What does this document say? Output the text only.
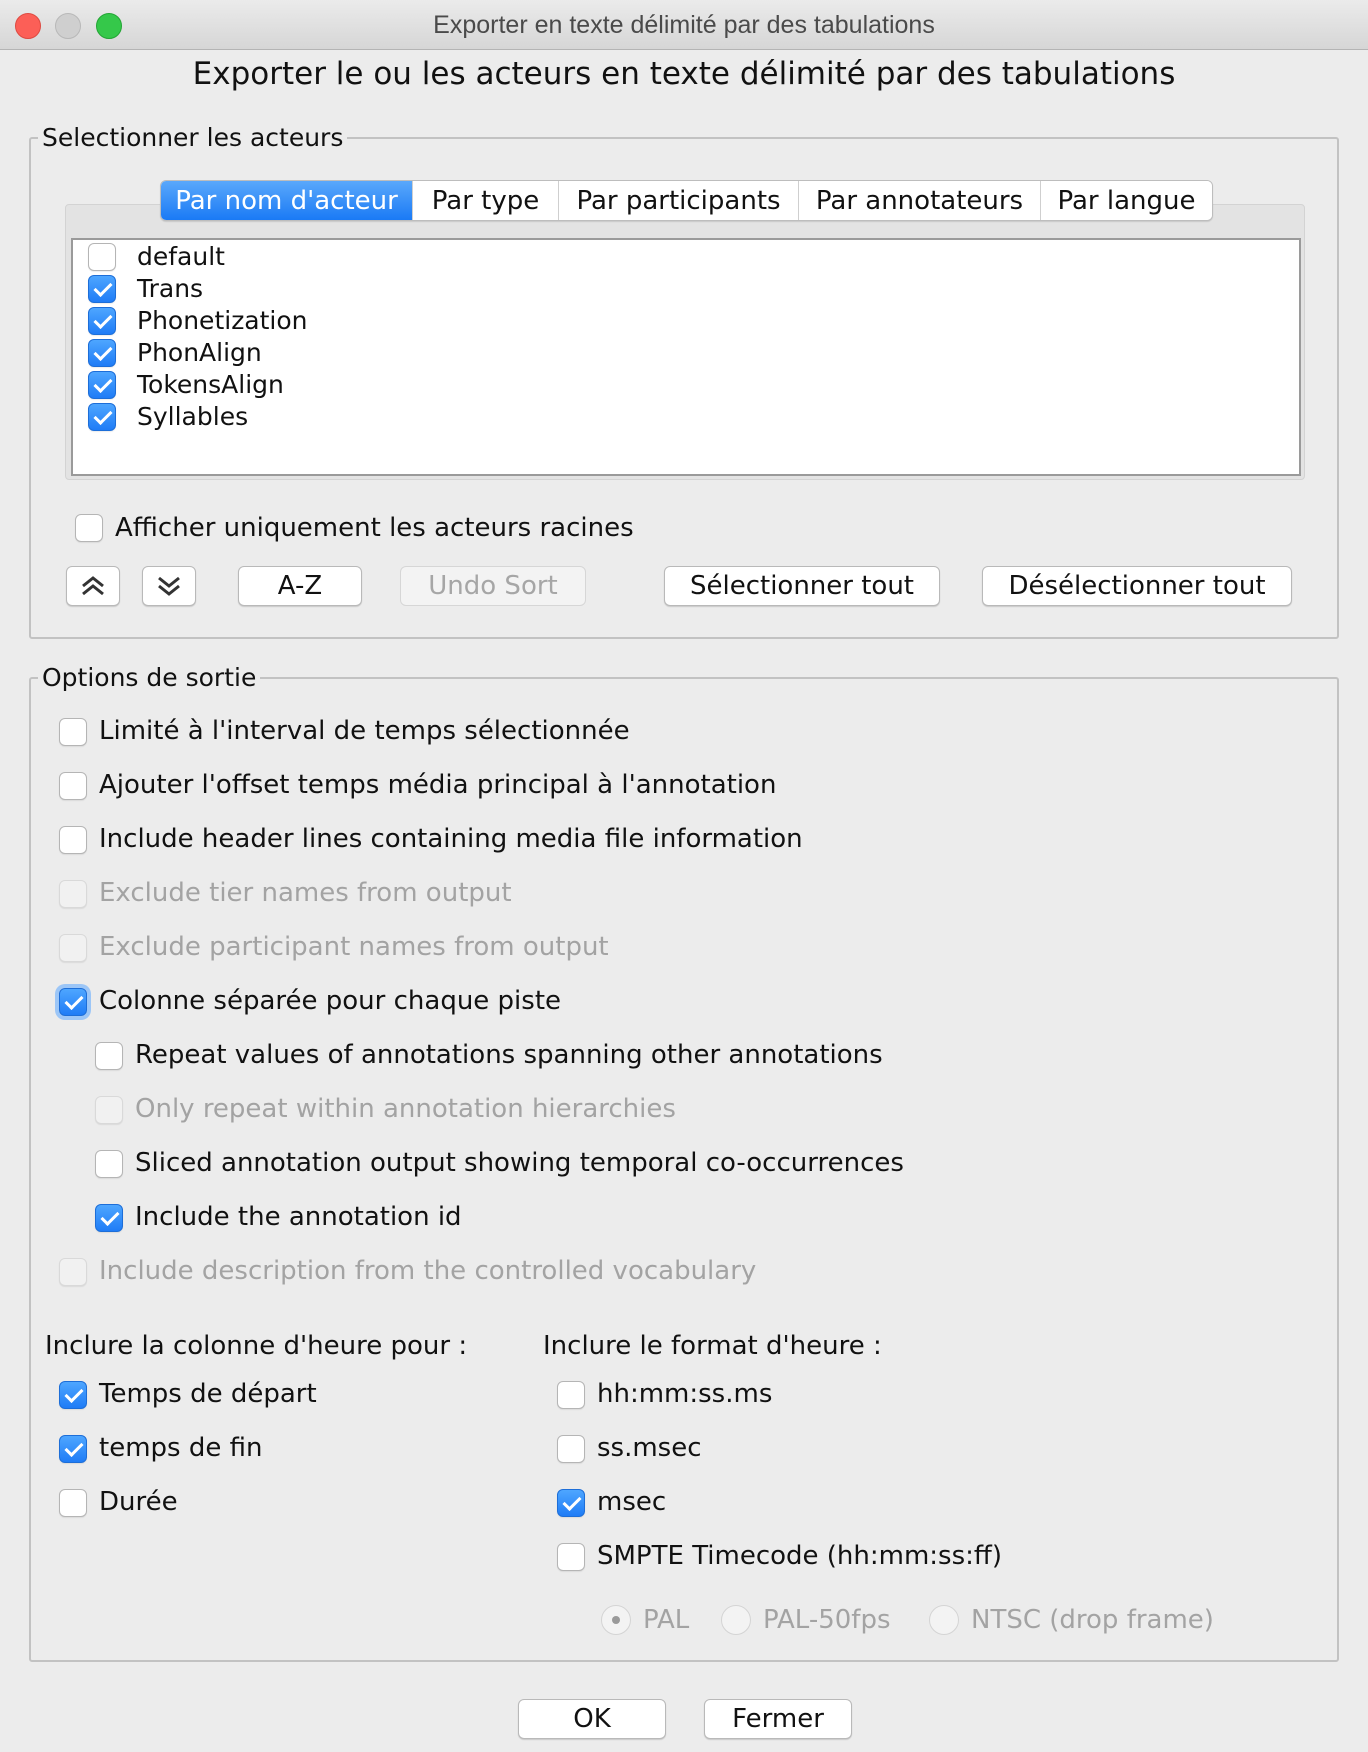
Exporter en texte délimité par des tabulations
Exporter le ou les acteurs en texte délimité par des tabulations
Selectionner les acteurs
Par nom d'acteur	Par type	Par participants	Par annotateurs	Par langue
default
Trans
Phonetization
PhonAlign
TokensAlign
Syllables
Afficher uniquement les acteurs racines
A-Z	Undo Sort	Sélectionner tout	Désélectionner tout
Options de sortie
Limité à l'interval de temps sélectionnée
Ajouter l'offset temps média principal à l'annotation
Include header lines containing media file information
Exclude tier names from output
Exclude participant names from output
Colonne séparée pour chaque piste
Repeat values of annotations spanning other annotations
Only repeat within annotation hierarchies
Sliced annotation output showing temporal co-occurrences
Include the annotation id
Include description from the controlled vocabulary
Inclure la colonne d'heure pour :
Temps de départ
temps de fin
Durée
Inclure le format d'heure :
hh:mm:ss.ms
ss.msec
msec
SMPTE Timecode (hh:mm:ss:ff)
PAL	PAL-50fps	NTSC (drop frame)
OK	Fermer
